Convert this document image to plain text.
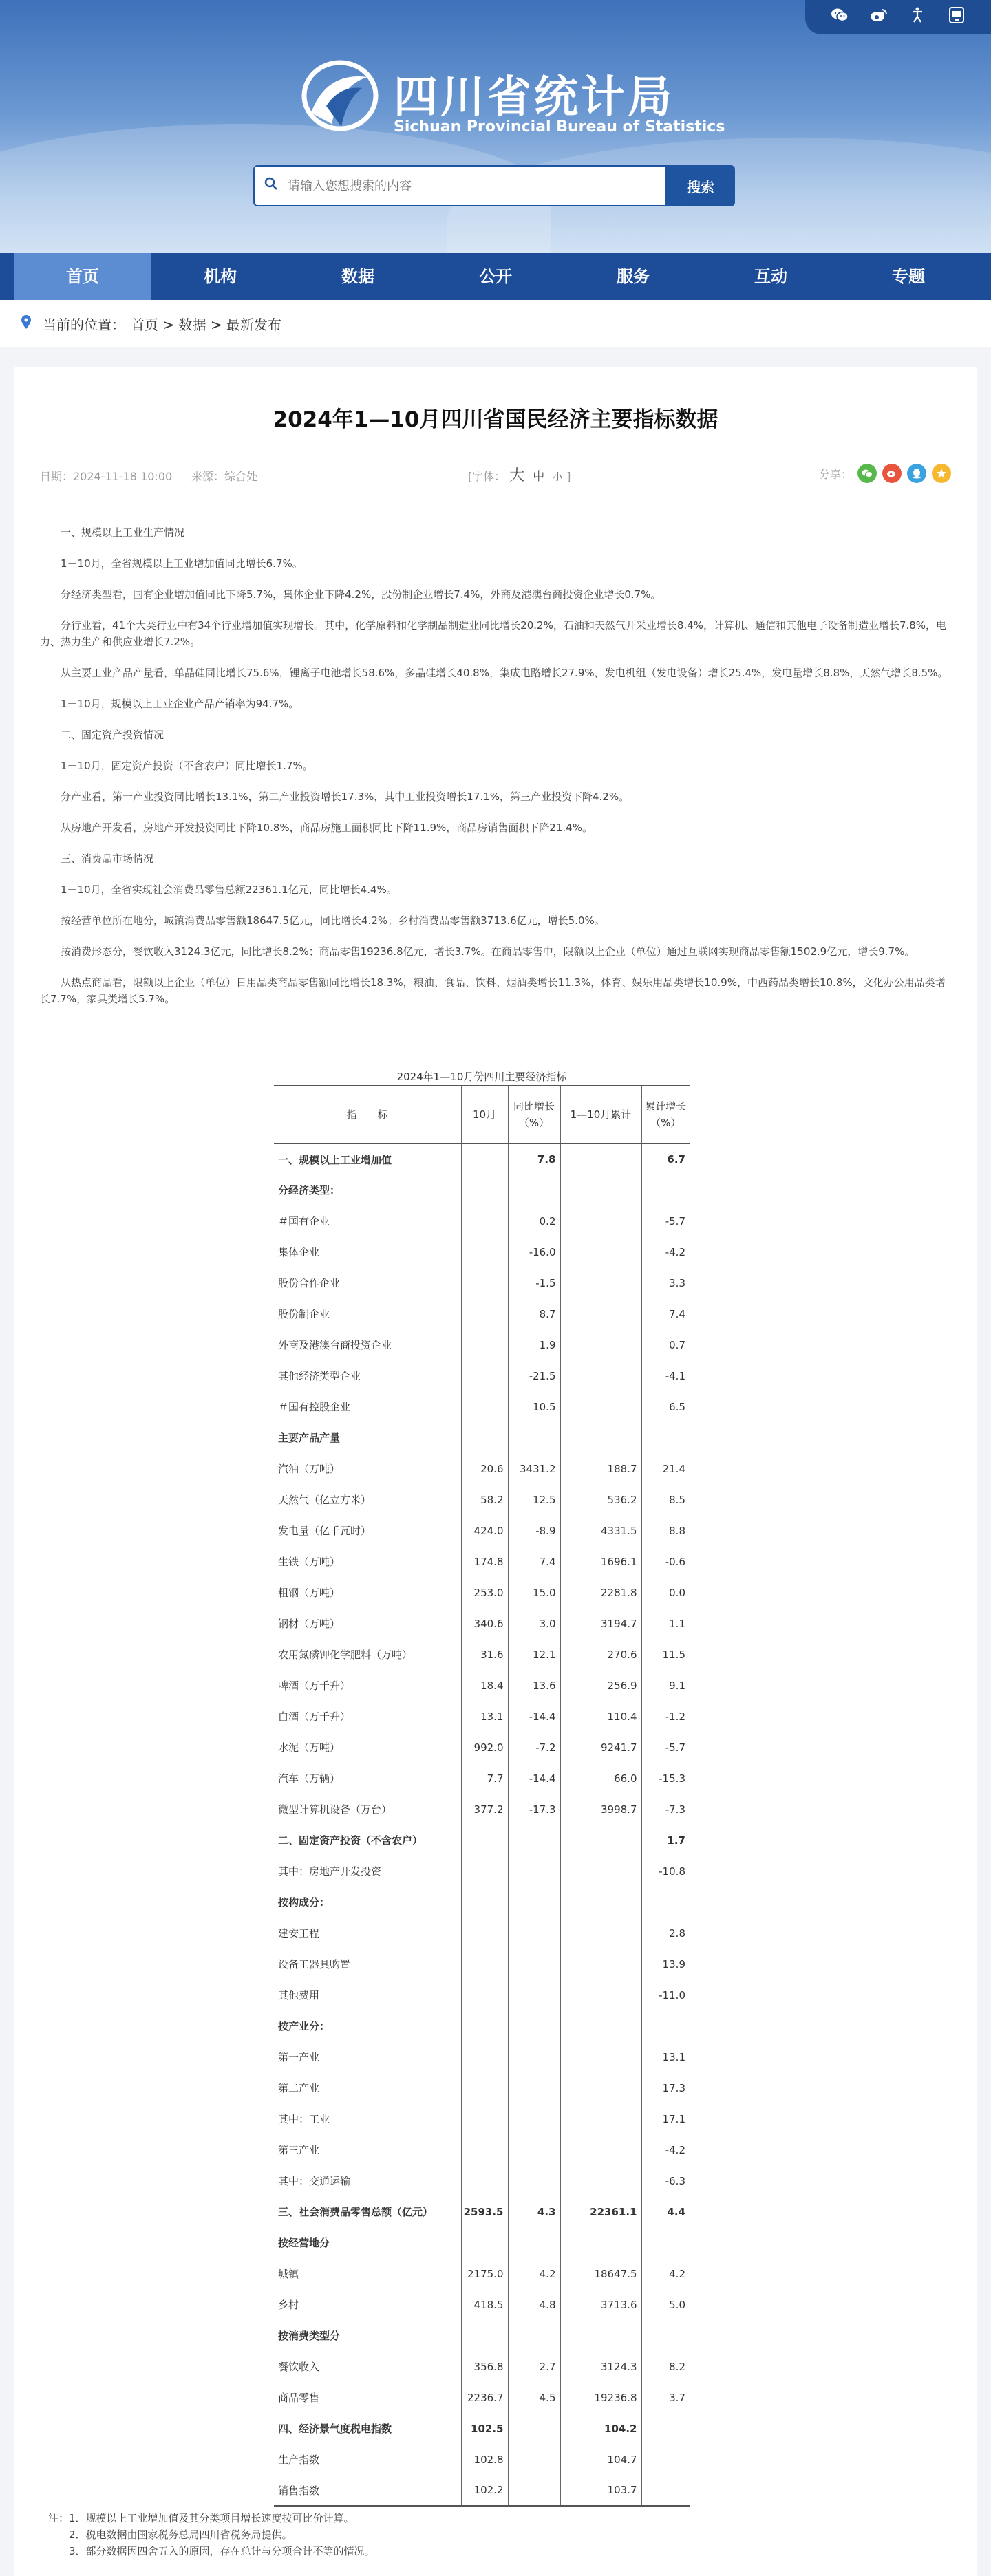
四川省统计局
Sichuan Provincial Bureau of Statistics
请输入您想搜索的内容
搜索
首页	机构	数据	公开	服务	互动	专题
当前的位置： 首页 > 数据 > 最新发布
2024年1—10月四川省国民经济主要指标数据
日期：2024-11-18 10:00 来源：综合处	[字体： 大 中 小 ]	分享：

一、规模以上工业生产情况

1－10月，全省规模以上工业增加值同比增长6.7%。

分经济类型看，国有企业增加值同比下降5.7%，集体企业下降4.2%，股份制企业增长7.4%，外商及港澳台商投资企业增长0.7%。

分行业看，41个大类行业中有34个行业增加值实现增长。其中，化学原料和化学制品制造业同比增长20.2%，石油和天然气开采业增长8.4%，计算机、通信和其他电子设备制造业增长7.8%，电力、热力生产和供应业增长7.2%。

从主要工业产品产量看，单晶硅同比增长75.6%，锂离子电池增长58.6%，多晶硅增长40.8%，集成电路增长27.9%，发电机组（发电设备）增长25.4%，发电量增长8.8%，天然气增长8.5%。

1－10月，规模以上工业企业产品产销率为94.7%。

二、固定资产投资情况

1－10月，固定资产投资（不含农户）同比增长1.7%。

分产业看，第一产业投资同比增长13.1%，第二产业投资增长17.3%，其中工业投资增长17.1%，第三产业投资下降4.2%。

从房地产开发看，房地产开发投资同比下降10.8%，商品房施工面积同比下降11.9%，商品房销售面积下降21.4%。

三、消费品市场情况

1－10月，全省实现社会消费品零售总额22361.1亿元，同比增长4.4%。

按经营单位所在地分，城镇消费品零售额18647.5亿元，同比增长4.2%；乡村消费品零售额3713.6亿元，增长5.0%。

按消费形态分，餐饮收入3124.3亿元，同比增长8.2%；商品零售19236.8亿元，增长3.7%。在商品零售中，限额以上企业（单位）通过互联网实现商品零售额1502.9亿元，增长9.7%。

从热点商品看，限额以上企业（单位）日用品类商品零售额同比增长18.3%，粮油、食品、饮料、烟酒类增长11.3%，体育、娱乐用品类增长10.9%，中西药品类增长10.8%，文化办公用品类增长7.7%，家具类增长5.7%。

2024年1—10月份四川主要经济指标
指　　标	10月	同比增长（%）	1—10月累计	累计增长（%）
一、规模以上工业增加值		7.8		6.7
分经济类型：				
＃国有企业		0.2		-5.7
集体企业		-16.0		-4.2
股份合作企业		-1.5		3.3
股份制企业		8.7		7.4
外商及港澳台商投资企业		1.9		0.7
其他经济类型企业		-21.5		-4.1
＃国有控股企业		10.5		6.5
主要产品产量				
汽油（万吨）	20.6	3431.2	188.7	21.4
天然气（亿立方米）	58.2	12.5	536.2	8.5
发电量（亿千瓦时）	424.0	-8.9	4331.5	8.8
生铁（万吨）	174.8	7.4	1696.1	-0.6
粗钢（万吨）	253.0	15.0	2281.8	0.0
钢材（万吨）	340.6	3.0	3194.7	1.1
农用氮磷钾化学肥料（万吨）	31.6	12.1	270.6	11.5
啤酒（万千升）	18.4	13.6	256.9	9.1
白酒（万千升）	13.1	-14.4	110.4	-1.2
水泥（万吨）	992.0	-7.2	9241.7	-5.7
汽车（万辆）	7.7	-14.4	66.0	-15.3
微型计算机设备（万台）	377.2	-17.3	3998.7	-7.3
二、固定资产投资（不含农户）				1.7
其中：房地产开发投资				-10.8
按构成分：				
建安工程				2.8
设备工器具购置				13.9
其他费用				-11.0
按产业分：				
第一产业				13.1
第二产业				17.3
其中：工业				17.1
第三产业				-4.2
其中：交通运输				-6.3
三、社会消费品零售总额（亿元）	2593.5	4.3	22361.1	4.4
按经营地分				
城镇	2175.0	4.2	18647.5	4.2
乡村	418.5	4.8	3713.6	5.0
按消费类型分				
餐饮收入	356.8	2.7	3124.3	8.2
商品零售	2236.7	4.5	19236.8	3.7
四、经济景气度税电指数	102.5		104.2	
生产指数	102.8		104.7	
销售指数	102.2		103.7	
注：1．规模以上工业增加值及其分类项目增长速度按可比价计算。
2．税电数据由国家税务总局四川省税务局提供。
3．部分数据因四舍五入的原因，存在总计与分项合计不等的情况。
